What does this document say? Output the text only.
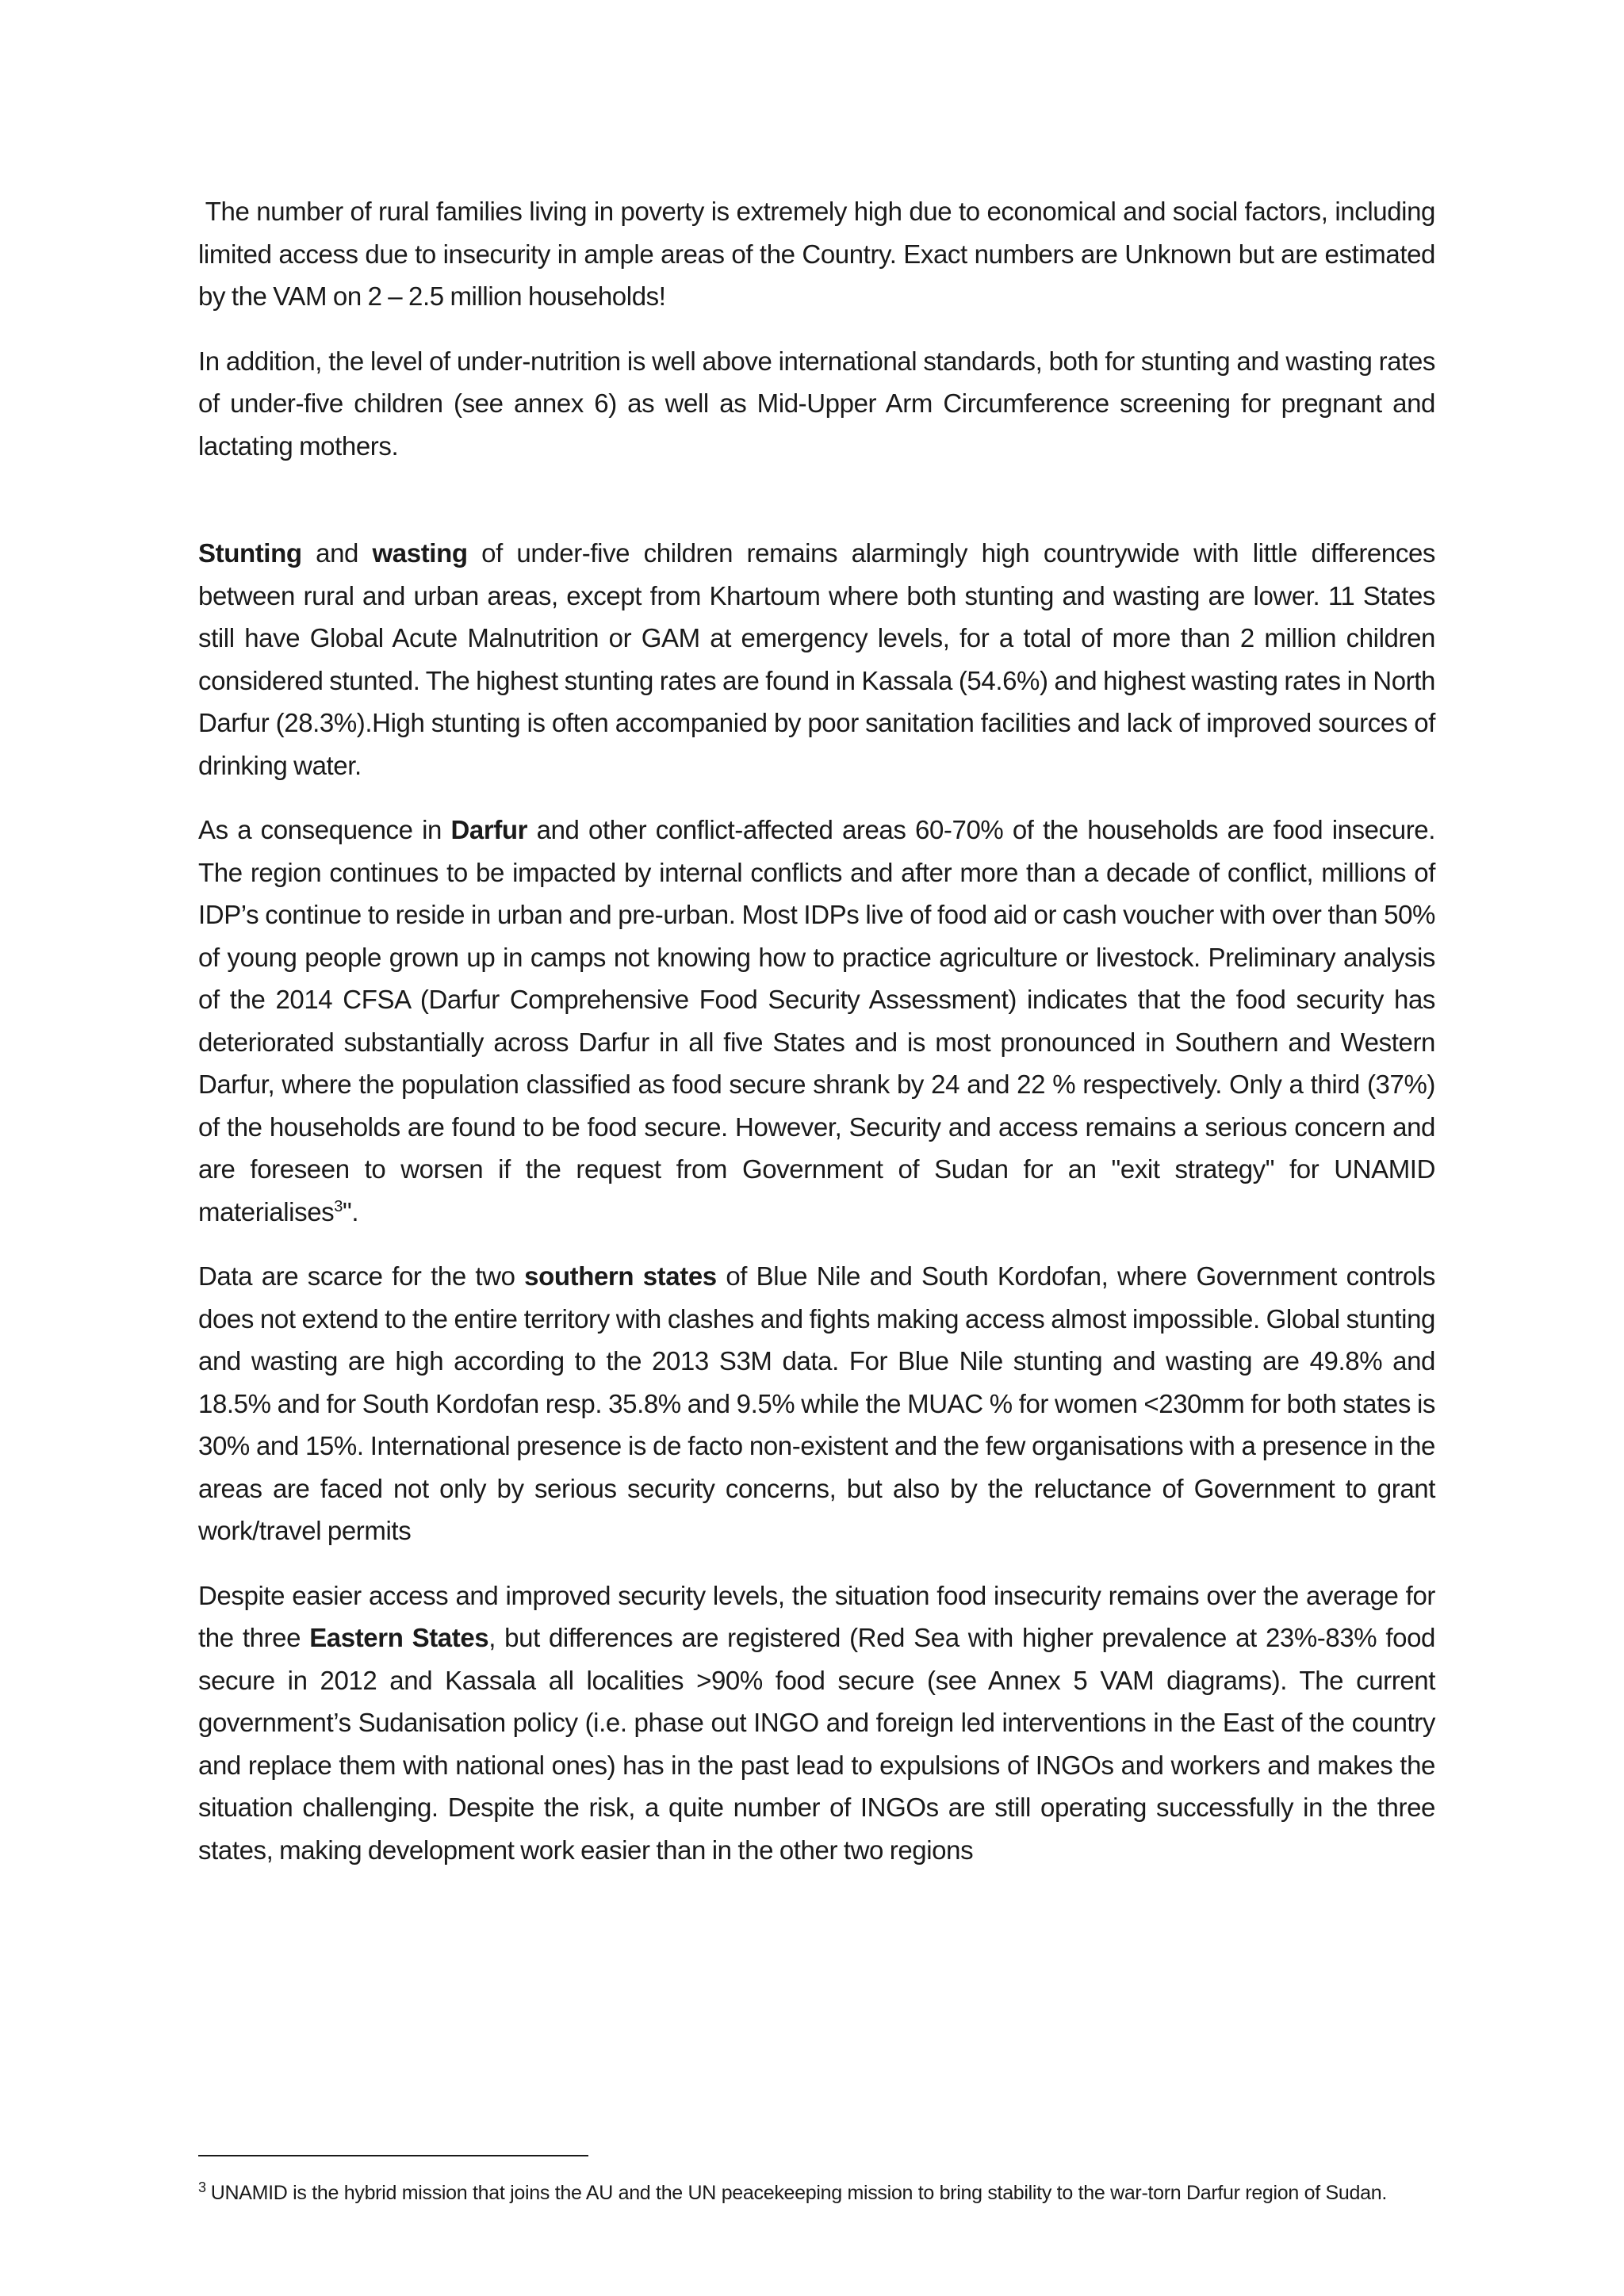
The number of rural families living in poverty is extremely high due to economical and social factors, including limited access due to insecurity in ample areas of the Country. Exact numbers are Unknown but are estimated by the VAM on 2 – 2.5 million households!

In addition, the level of under-nutrition is well above international standards, both for stunting and wasting rates of under-five children (see annex 6) as well as Mid-Upper Arm Circumference screening for pregnant and lactating mothers.

Stunting and wasting of under-five children remains alarmingly high countrywide with little differences between rural and urban areas, except from Khartoum where both stunting and wasting are lower. 11 States still have Global Acute Malnutrition or GAM at emergency levels, for a total of more than 2 million children considered stunted. The highest stunting rates are found in Kassala (54.6%) and highest wasting rates in North Darfur (28.3%).High stunting is often accompanied by poor sanitation facilities and lack of improved sources of drinking water.

As a consequence in Darfur and other conflict-affected areas 60-70% of the households are food insecure. The region continues to be impacted by internal conflicts and after more than a decade of conflict, millions of IDP’s continue to reside in urban and pre-urban. Most IDPs live of food aid or cash voucher with over than 50% of young people grown up in camps not knowing how to practice agriculture or livestock. Preliminary analysis of the 2014 CFSA (Darfur Comprehensive Food Security Assessment) indicates that the food security has deteriorated substantially across Darfur in all five States and is most pronounced in Southern and Western Darfur, where the population classified as food secure shrank by 24 and 22 % respectively. Only a third (37%) of the households are found to be food secure. However, Security and access remains a serious concern and are foreseen to worsen if the request from Government of Sudan for an "exit strategy" for UNAMID materialises$^3$".

Data are scarce for the two southern states of Blue Nile and South Kordofan, where Government controls does not extend to the entire territory with clashes and fights making access almost impossible. Global stunting and wasting are high according to the 2013 S3M data. For Blue Nile stunting and wasting are 49.8% and 18.5% and for South Kordofan resp. 35.8% and 9.5% while the MUAC % for women <230mm for both states is 30% and 15%. International presence is de facto non-existent and the few organisations with a presence in the areas are faced not only by serious security concerns, but also by the reluctance of Government to grant work/travel permits

Despite easier access and improved security levels, the situation food insecurity remains over the average for the three Eastern States, but differences are registered (Red Sea with higher prevalence at 23%-83% food secure in 2012 and Kassala all localities >90% food secure (see Annex 5 VAM diagrams). The current government’s Sudanisation policy (i.e. phase out INGO and foreign led interventions in the East of the country and replace them with national ones) has in the past lead to expulsions of INGOs and workers and makes the situation challenging. Despite the risk, a quite number of INGOs are still operating successfully in the three states, making development work easier than in the other two regions

$^3$ UNAMID is the hybrid mission that joins the AU and the UN peacekeeping mission to bring stability to the war-torn Darfur region of Sudan.
